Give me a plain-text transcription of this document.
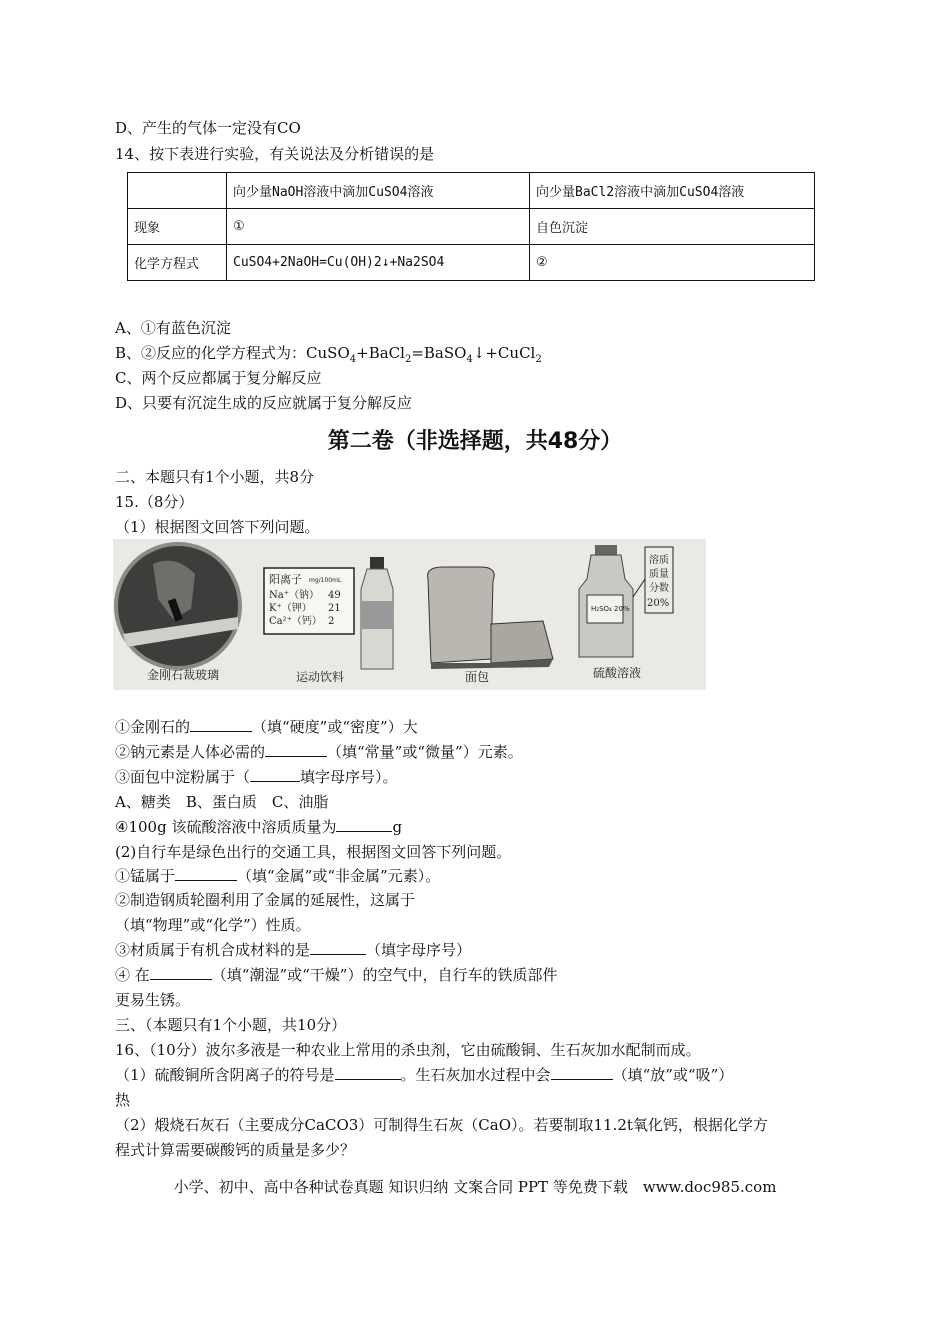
D、产生的气体一定没有CO
14、按下表进行实验，有关说法及分析错误的是
	向少量NaOH溶液中滴加CuSO4溶液	向少量BaCl2溶液中滴加CuSO4溶液
现象	①	自色沉淀
化学方程式	CuSO4+2NaOH=Cu(OH)2↓+Na2SO4	②
A、①有蓝色沉淀
B、②反应的化学方程式为：CuSO$_4$+BaCl$_2$=BaSO$_4$↓+CuCl$_2$
C、两个反应都属于复分解反应
D、只要有沉淀生成的反应就属于复分解反应
第二卷（非选择题，共48分）
二、本题只有1个小题，共8分
15.（8分）
（1）根据图文回答下列问题。
阳离子 mg/100mL
Na⁺（钠） 49
K⁺（钾） 21
Ca²⁺（钙） 2
H₂SO₄ 20%
溶质
质量
分数
20%
金刚石裁玻璃	运动饮料	面包	硫酸溶液
①金刚石的	（填“硬度”或“密度”）大
②钠元素是人体必需的	（填“常量”或“微量”）元素。
③面包中淀粉属于（	填字母序号）。
A、糖类　B、蛋白质　C、油脂
④100g 该硫酸溶液中溶质质量为	g
(2)自行车是绿色出行的交通工具，根据图文回答下列问题。
①锰属于	（填“金属”或“非金属”元素）。
②制造钢质轮圈利用了金属的延展性，这属于
（填“物理”或“化学”）性质。
③材质属于有机合成材料的是	（填字母序号）
④ 在	（填“潮湿”或“干燥”）的空气中，自行车的铁质部件
更易生锈。
三、（本题只有1个小题，共10分）
16、（10分）波尔多液是一种农业上常用的杀虫剂，它由硫酸铜、生石灰加水配制而成。
（1）硫酸铜所含阴离子的符号是	。生石灰加水过程中会	（填“放”或“吸”）
热
（2）煅烧石灰石（主要成分CaCO3）可制得生石灰（CaO）。若要制取11.2t氧化钙，根据化学方
程式计算需要碳酸钙的质量是多少？
小学、初中、高中各种试卷真题 知识归纳 文案合同 PPT 等免费下载　www.doc985.com
